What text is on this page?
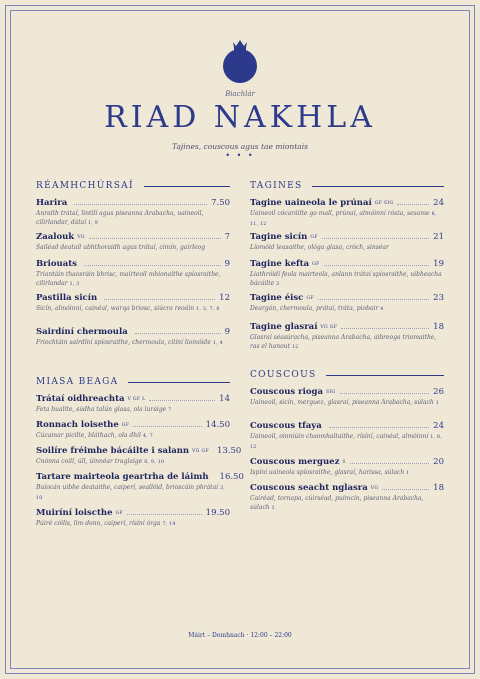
Biachlár
RIAD NAKHLA
Tajines, couscous agus tae miontais
• • •
RÉAMHCHÚRSAÍ
MIASA BEAGA
TAGINES
COUSCOUS
Máirt – Domhnach · 12:00 – 22:00
Harira	7.50
Anraith trátaí, lintilí agus piseanna Arabacha, uaineoil, cilirlandar, dátaí 1, 9
Zaalouk VG	7
Sailéad deataíl ubhthoraidh agus trátaí, cimín, gairleog
Briouats	9
Triantáin thaosráin bhrisc, mairteoil mhionaithe spíosraithe, cilirlandar 1, 3
Pastilla sicín	12
Sicín, almóinní, cainéal, warqa briosc, siúcra reoáin 1, 3, 7, 8
Sairdíní chermoula	9
Friochtáin sairdíní spíosraithe, chermoula, cilíní liomóide 1, 4
Trátaí oidhreachta V GF L	14
Feta bualite, súdha talún glasa, ola luraige 7
Ronnach loisethe GF	14.50
Cúcamar picilte, bláthach, ola dhil 4, 7
Soilíre fréimhe bácáilte i salann VG GF 13.50
Cnónna coill, úll, úinnéar traglaige 8, 9, 10
Tartare mairteola geartrha de láimh 16.50
Buíocán uibhe deataithe, caiperí, seallóid, brioscáin phrátaí 3, 10
Muiríní loiscthe GF	19.50
Púiré cóilis, lim donn, caiperí, rísíní órga 7, 14
Tagine uaineola le prúnaí GF SIG	24
Uaineoil cócaráilte go mall, prúnaí, almóinní rósta, sesame 8, 11, 12
Tagine sicín GF	21
Líomóid leasaithe, ológa glasa, cróch, sinséar
Tagine kefta GF	19
Liathróidí feola mairteola, anlann trátaí spíosraithe, uibheacha bácáilte 3
Tagine éisc GF	23
Deargán, chermoula, prátaí, tráta, piobair 4
Tagine glasraí VG GF	18
Glasraí séasúracha, piseanna Arabacha, aibreoga triomaithe, ras el hanout 12
Couscous rioga SIG	26
Uaineoil, sicín, merguez, glasraí, piseanna Arabacha, súlach 1
Couscous tfaya	24
Uaineoil, oinniúin chaomhaltaithe, rísíní, cainéal, almóinní 1, 8, 12
Couscous merguez S	20
Ispíní uaineola spíosraithe, glasraí, harissa, súlach 1
Couscous seacht nglasra VG	18
Cairéad, tornapa, cúirséad, puimcín, piseanna Arabacha, súlach 1
